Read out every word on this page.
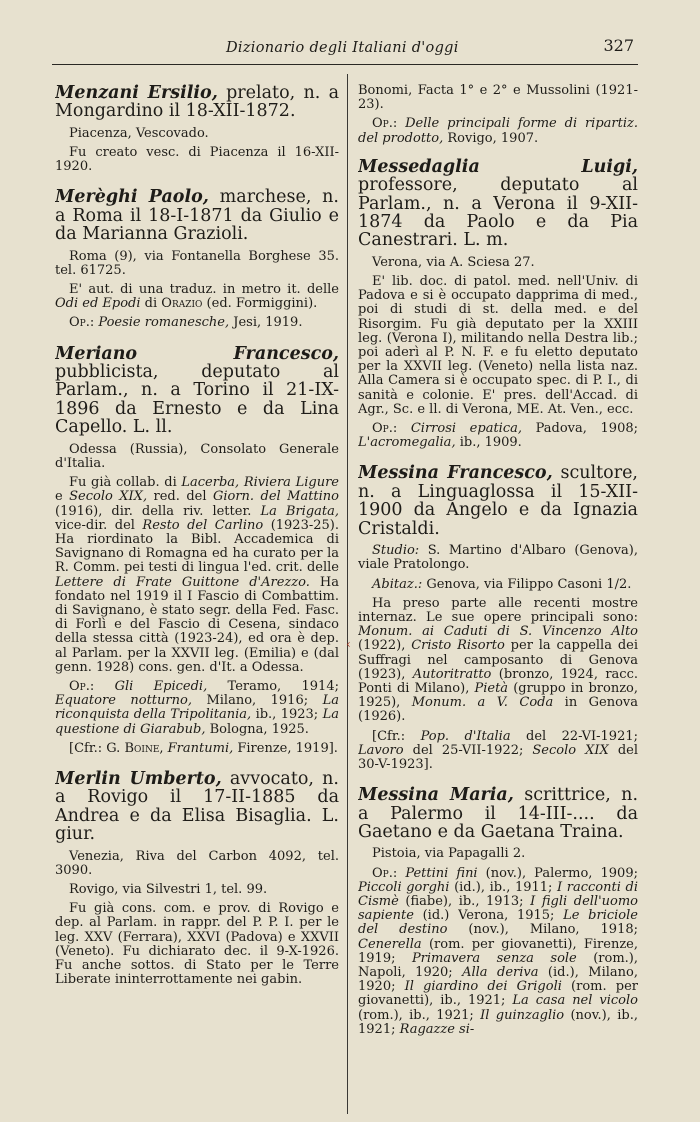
Dizionario degli Italiani d'oggi	327
‹
Menzani Ersilio, prelato, n. a Mongardino il 18-XII-1872.
Piacenza, Vescovado.
Fu creato vesc. di Piacenza il 16-XII-1920.
Merèghi Paolo, marchese, n. a Roma il 18-I-1871 da Giulio e da Marianna Grazioli.
Roma (9), via Fontanella Borghese 35. tel. 61725.
E' aut. di una traduz. in metro it. delle Odi ed Epodi di Orazio (ed. Formiggini).
Op.: Poesie romanesche, Jesi, 1919.
Meriano Francesco, pubblicista, deputato al Parlam., n. a Torino il 21-IX-1896 da Ernesto e da Lina Capello. L. ll.
Odessa (Russia), Consolato Generale d'Italia.
Fu già collab. di Lacerba, Riviera Ligure e Secolo XIX, red. del Giorn. del Mattino (1916), dir. della riv. letter. La Brigata, vice-dir. del Resto del Carlino (1923-25). Ha riordinato la Bibl. Accademica di Savignano di Romagna ed ha curato per la R. Comm. pei testi di lingua l'ed. crit. delle Lettere di Frate Guittone d'Arezzo. Ha fondato nel 1919 il I Fascio di Combattim. di Savignano, è stato segr. della Fed. Fasc. di Forlì e del Fascio di Cesena, sindaco della stessa città (1923-24), ed ora è dep. al Parlam. per la XXVII leg. (Emilia) e (dal genn. 1928) cons. gen. d'It. a Odessa.
Op.: Gli Epicedi, Teramo, 1914; Equatore notturno, Milano, 1916; La riconquista della Tripolitania, ib., 1923; La questione di Giarabub, Bologna, 1925.
[Cfr.: G. Boine, Frantumi, Firenze, 1919].
Merlin Umberto, avvocato, n. a Rovigo il 17-II-1885 da Andrea e da Elisa Bisaglia. L. giur.
Venezia, Riva del Carbon 4092, tel. 3090.
Rovigo, via Silvestri 1, tel. 99.
Fu già cons. com. e prov. di Rovigo e dep. al Parlam. in rappr. del P. P. I. per le leg. XXV (Ferrara), XXVI (Padova) e XXVII (Veneto). Fu dichiarato dec. il 9-X-1926. Fu anche sottos. di Stato per le Terre Liberate ininterrottamente nei gabin.
Bonomi, Facta 1° e 2° e Mussolini (1921-23).
Op.: Delle principali forme di ripartiz. del prodotto, Rovigo, 1907.
Messedaglia Luigi, professore, deputato al Parlam., n. a Verona il 9-XII-1874 da Paolo e da Pia Canestrari. L. m.
Verona, via A. Sciesa 27.
E' lib. doc. di patol. med. nell'Univ. di Padova e si è occupato dapprima di med., poi di studi di st. della med. e del Risorgim. Fu già deputato per la XXIII leg. (Verona I), militando nella Destra lib.; poi aderì al P. N. F. e fu eletto deputato per la XXVII leg. (Veneto) nella lista naz. Alla Camera si è occupato spec. di P. I., di sanità e colonie. E' pres. dell'Accad. di Agr., Sc. e ll. di Verona, ME. At. Ven., ecc.
Op.: Cirrosi epatica, Padova, 1908; L'acromegalia, ib., 1909.
Messina Francesco, scultore, n. a Linguaglossa il 15-XII-1900 da Angelo e da Ignazia Cristaldi.
Studio: S. Martino d'Albaro (Genova), viale Pratolongo.
Abitaz.: Genova, via Filippo Casoni 1/2.
Ha preso parte alle recenti mostre internaz. Le sue opere principali sono: Monum. ai Caduti di S. Vincenzo Alto (1922), Cristo Risorto per la cappella dei Suffragi nel camposanto di Genova (1923), Autoritratto (bronzo, 1924, racc. Ponti di Milano), Pietà (gruppo in bronzo, 1925), Monum. a V. Coda in Genova (1926).
[Cfr.: Pop. d'Italia del 22-VI-1921; Lavoro del 25-VII-1922; Secolo XIX del 30-V-1923].
Messina Maria, scrittrice, n. a Palermo il 14-III-.... da Gaetano e da Gaetana Traina.
Pistoia, via Papagalli 2.
Op.: Pettini fini (nov.), Palermo, 1909; Piccoli gorghi (id.), ib., 1911; I racconti di Cismè (fiabe), ib., 1913; I figli dell'uomo sapiente (id.) Verona, 1915; Le briciole del destino (nov.), Milano, 1918; Cenerella (rom. per giovanetti), Firenze, 1919; Primavera senza sole (rom.), Napoli, 1920; Alla deriva (id.), Milano, 1920; Il giardino dei Grigoli (rom. per giovanetti), ib., 1921; La casa nel vicolo (rom.), ib., 1921; Il guinzaglio (nov.), ib., 1921; Ragazze si-
